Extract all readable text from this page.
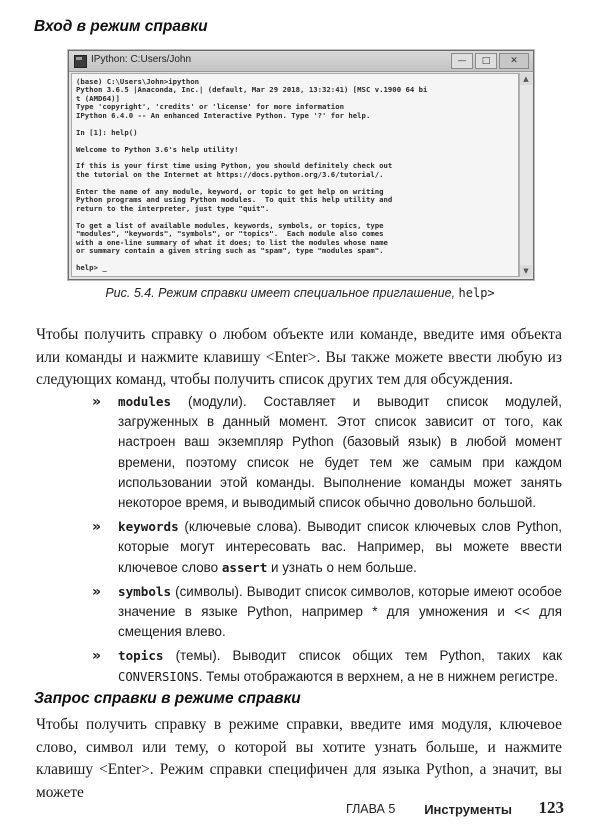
Вход в режим справки
IPython: C:Users/John	—	□	✕
(base) C:\Users\John>ipython
Python 3.6.5 |Anaconda, Inc.| (default, Mar 29 2018, 13:32:41) [MSC v.1900 64 bi
t (AMD64)]
Type 'copyright', 'credits' or 'license' for more information
IPython 6.4.0 -- An enhanced Interactive Python. Type '?' for help.
In [1]: help()
Welcome to Python 3.6's help utility!
If this is your first time using Python, you should definitely check out
the tutorial on the Internet at https://docs.python.org/3.6/tutorial/.
Enter the name of any module, keyword, or topic to get help on writing
Python programs and using Python modules.  To quit this help utility and
return to the interpreter, just type "quit".
To get a list of available modules, keywords, symbols, or topics, type
"modules", "keywords", "symbols", or "topics".  Each module also comes
with a one-line summary of what it does; to list the modules whose name
or summary contain a given string such as "spam", type "modules spam".
help> _
▲
▼
Рис. 5.4. Режим справки имеет специальное приглашение, help>
Чтобы получить справку о любом объекте или команде, введите имя объекта или команды и нажмите клавишу <Enter>. Вы также можете ввести любую из следующих команд, чтобы получить список других тем для обсуждения.
» modules (модули). Составляет и выводит список модулей, загруженных в данный момент. Этот список зависит от того, как настроен ваш экземпляр Python (базовый язык) в любой момент времени, поэтому список не будет тем же самым при каждом использовании этой команды. Выполнение команды может занять некоторое время, и выводимый список обычно довольно большой.
» keywords (ключевые слова). Выводит список ключевых слов Python, которые могут интересовать вас. Например, вы можете ввести ключевое слово assert и узнать о нем больше.
» symbols (символы). Выводит список символов, которые имеют особое значение в языке Python, например * для умножения и << для смещения влево.
» topics (темы). Выводит список общих тем Python, таких как CONVERSIONS. Темы отображаются в верхнем, а не в нижнем регистре.
Запрос справки в режиме справки
Чтобы получить справку в режиме справки, введите имя модуля, ключевое слово, символ или тему, о которой вы хотите узнать больше, и нажмите клавишу <Enter>. Режим справки специфичен для языка Python, а значит, вы можете
ГЛАВА 5 Инструменты 123
